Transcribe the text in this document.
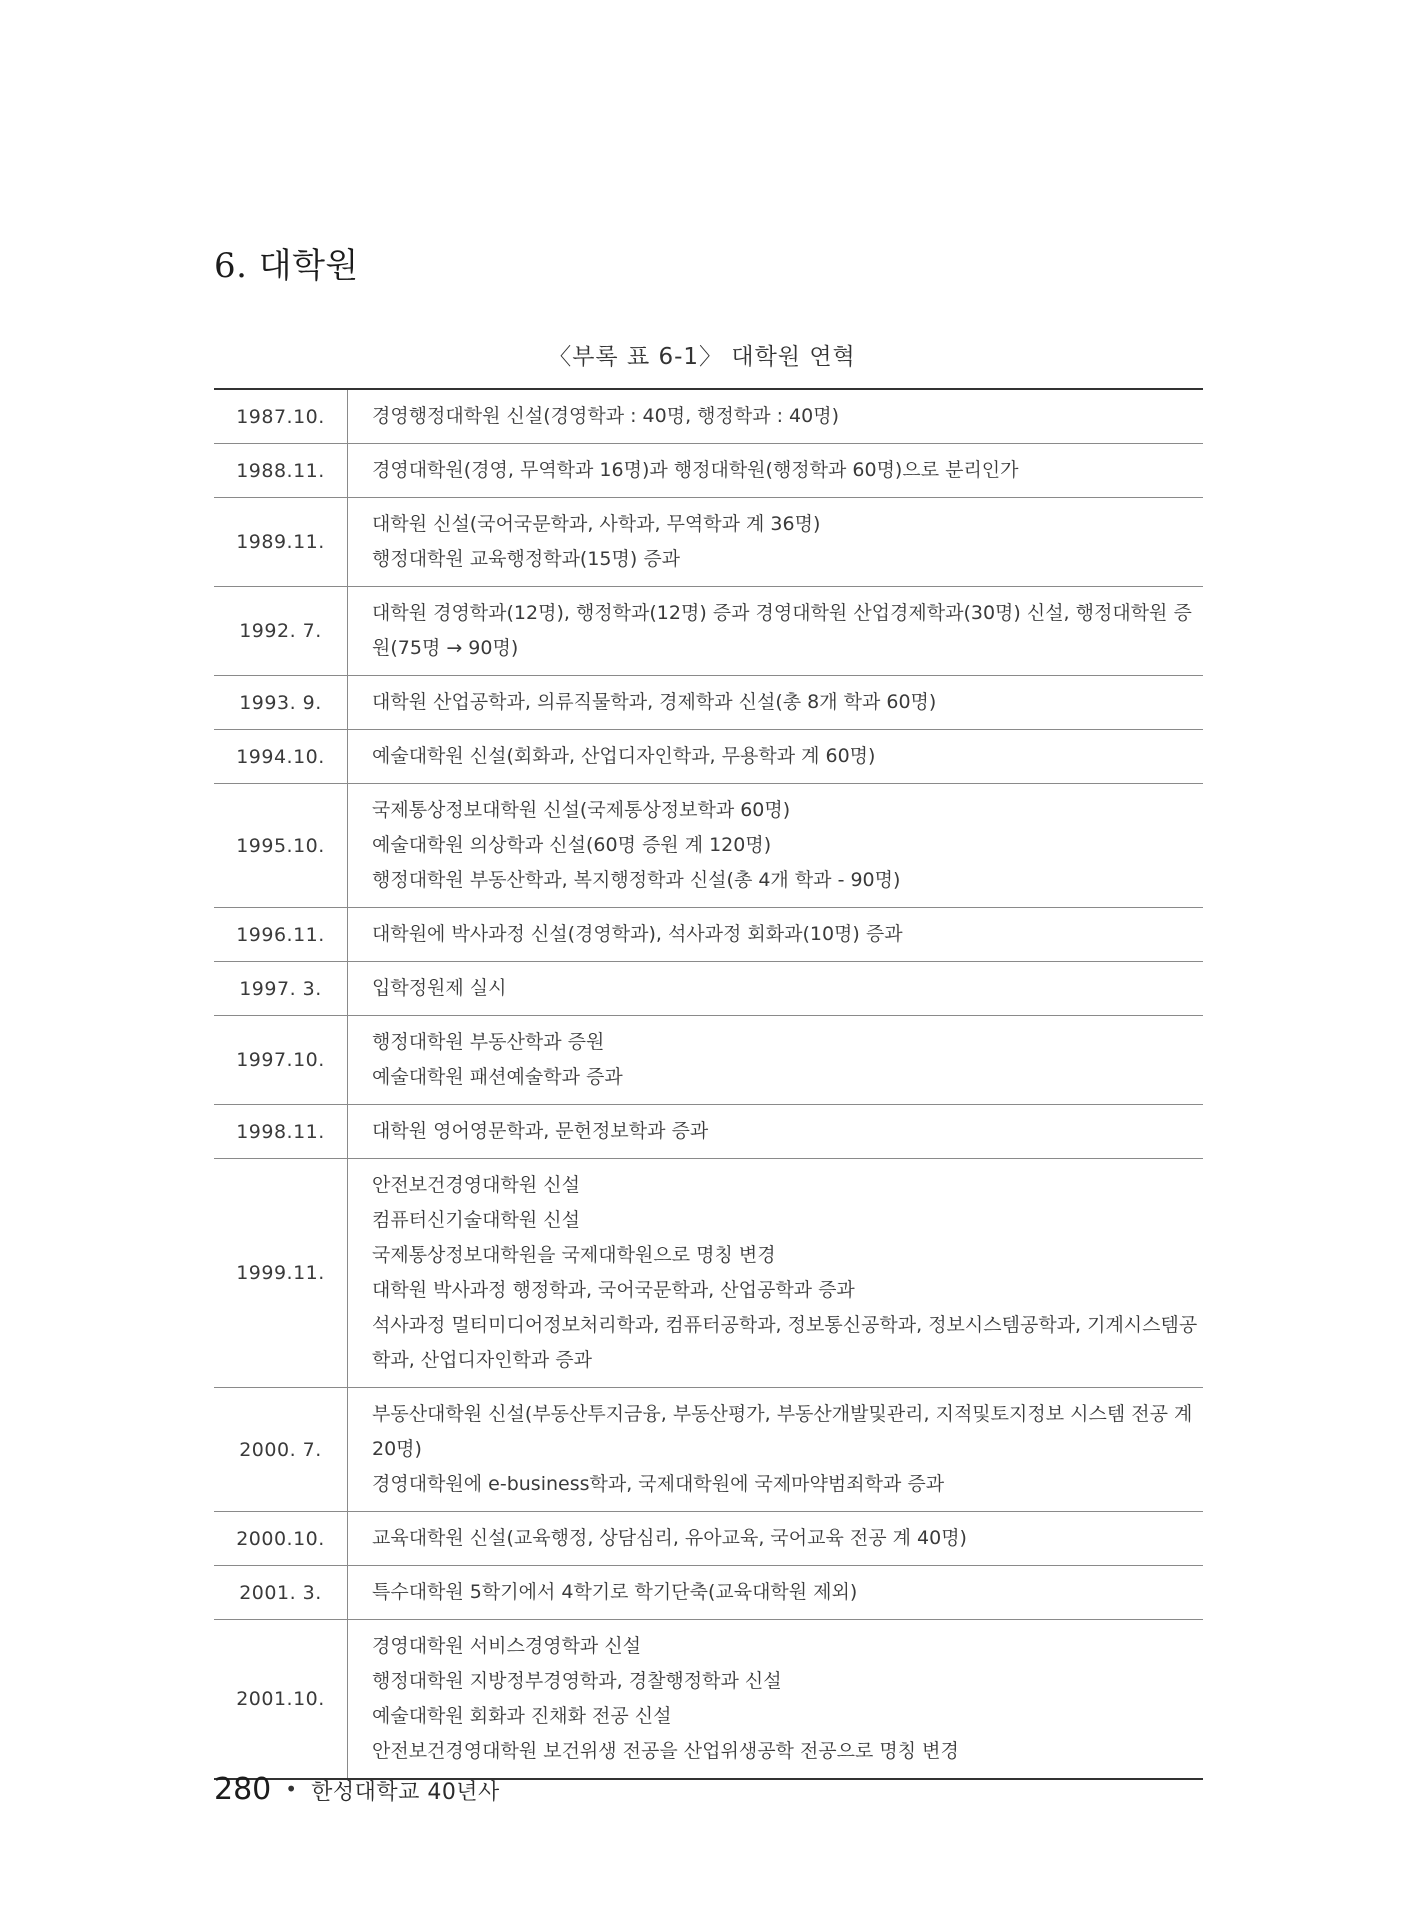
6. 대학원
〈부록 표 6-1〉 대학원 연혁
1987.10.	경영행정대학원 신설(경영학과 : 40명, 행정학과 : 40명)

1988.11.	경영대학원(경영, 무역학과 16명)과 행정대학원(행정학과 60명)으로 분리인가

1989.11.	대학원 신설(국어국문학과, 사학과, 무역학과 계 36명)
행정대학원 교육행정학과(15명) 증과

1992. 7.	대학원 경영학과(12명), 행정학과(12명) 증과 경영대학원 산업경제학과(30명) 신설, 행정대학원 증원(75명 → 90명)

1993. 9.	대학원 산업공학과, 의류직물학과, 경제학과 신설(총 8개 학과 60명)

1994.10.	예술대학원 신설(회화과, 산업디자인학과, 무용학과 계 60명)

1995.10.	국제통상정보대학원 신설(국제통상정보학과 60명)
예술대학원 의상학과 신설(60명 증원 계 120명)
행정대학원 부동산학과, 복지행정학과 신설(총 4개 학과 - 90명)

1996.11.	대학원에 박사과정 신설(경영학과), 석사과정 회화과(10명) 증과

1997. 3.	입학정원제 실시

1997.10.	행정대학원 부동산학과 증원
예술대학원 패션예술학과 증과

1998.11.	대학원 영어영문학과, 문헌정보학과 증과

1999.11.	안전보건경영대학원 신설
컴퓨터신기술대학원 신설
국제통상정보대학원을 국제대학원으로 명칭 변경
대학원 박사과정 행정학과, 국어국문학과, 산업공학과 증과
석사과정 멀티미디어정보처리학과, 컴퓨터공학과, 정보통신공학과, 정보시스템공학과, 기계시스템공학과, 산업디자인학과 증과

2000. 7.	부동산대학원 신설(부동산투지금융, 부동산평가, 부동산개발및관리, 지적및토지정보 시스템 전공 계 20명)
경영대학원에 e-business학과, 국제대학원에 국제마약범죄학과 증과

2000.10.	교육대학원 신설(교육행정, 상담심리, 유아교육, 국어교육 전공 계 40명)

2001. 3.	특수대학원 5학기에서 4학기로 학기단축(교육대학원 제외)

2001.10.	경영대학원 서비스경영학과 신설
행정대학원 지방정부경영학과, 경찰행정학과 신설
예술대학원 회화과 진채화 전공 신설
안전보건경영대학원 보건위생 전공을 산업위생공학 전공으로 명칭 변경
280 • 한성대학교 40년사
